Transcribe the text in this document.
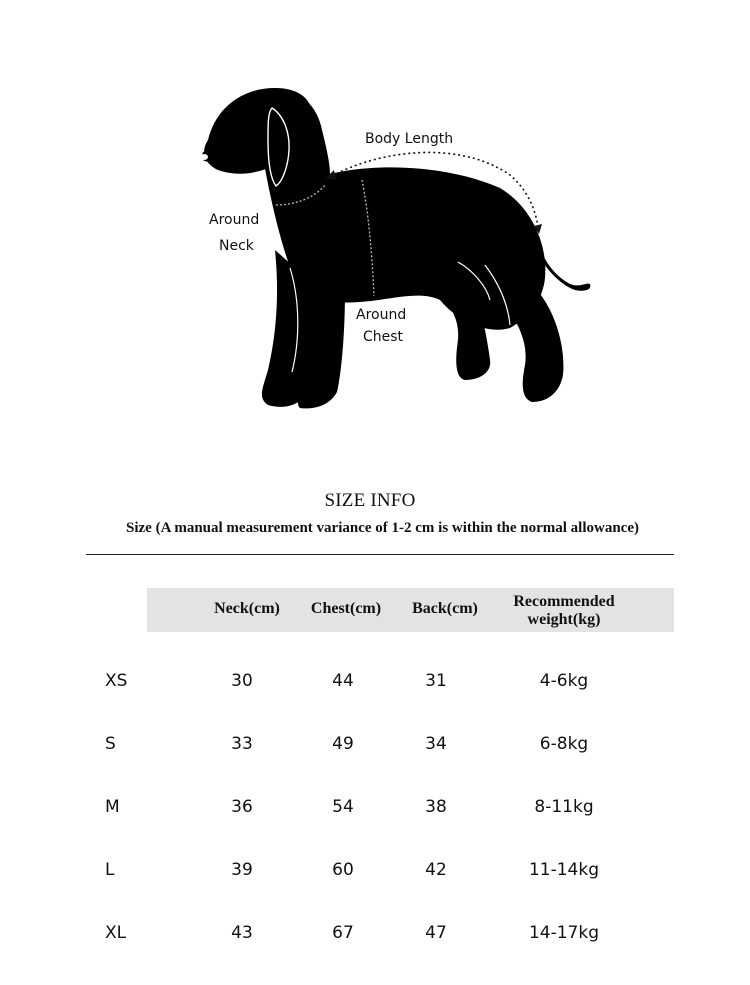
Body Length
Around
Neck
Around
Chest
SIZE INFO
Size (A manual measurement variance of 1-2 cm is within the normal allowance)
Neck(cm)	Chest(cm)	Back(cm)	Recommended
weight(kg)
XS	30	44	31	4-6kg
S	33	49	34	6-8kg
M	36	54	38	8-11kg
L	39	60	42	11-14kg
XL	43	67	47	14-17kg
